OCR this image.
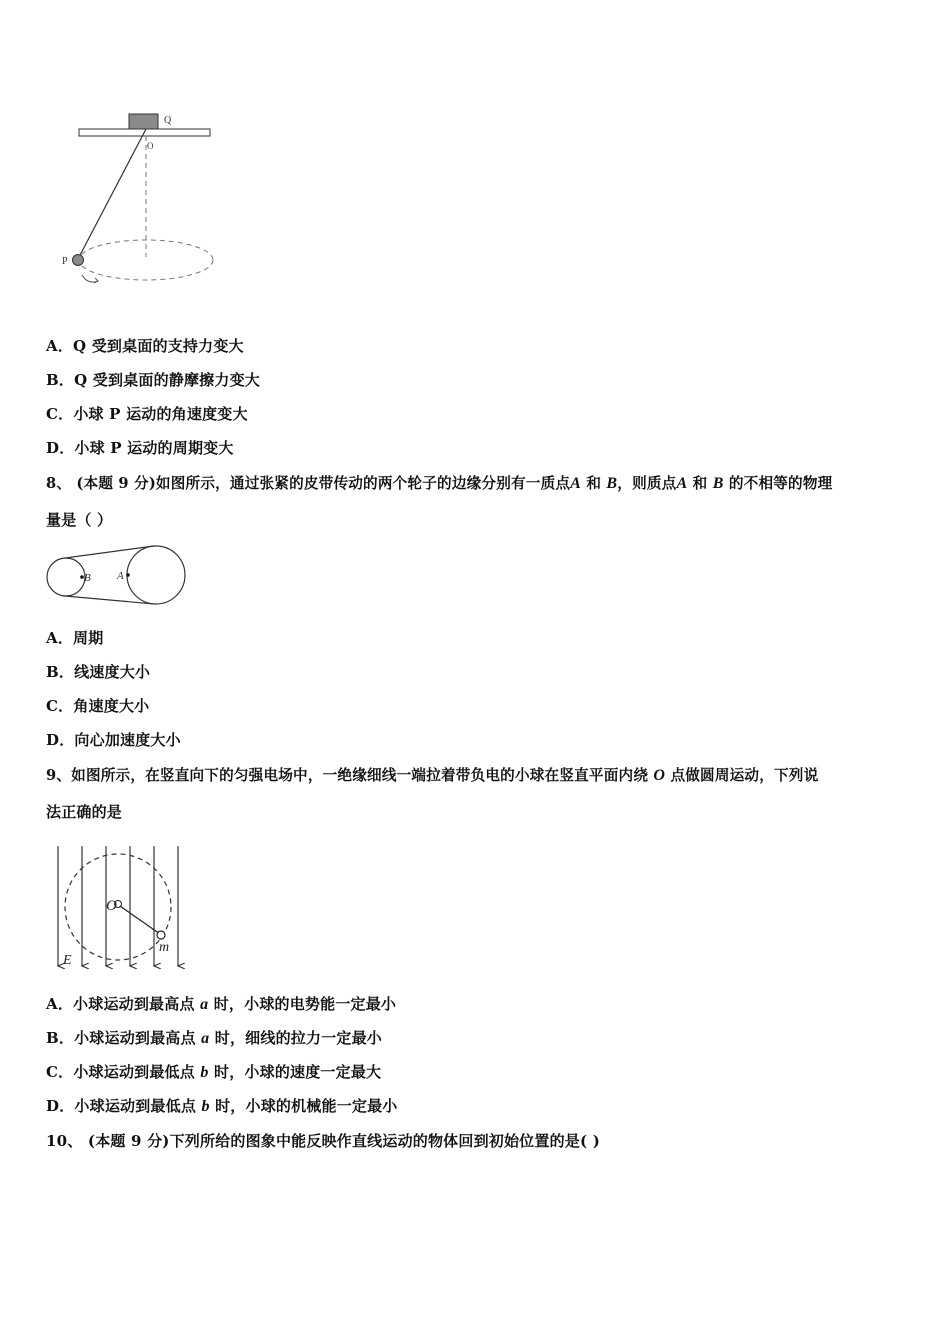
Q
O
P
A．Q 受到桌面的支持力变大
B．Q 受到桌面的静摩擦力变大
C．小球 P 运动的角速度变大
D．小球 P 运动的周期变大
8、 (本题 9 分)如图所示，通过张紧的皮带传动的两个轮子的边缘分别有一质点A 和 B，则质点A 和 B 的不相等的物理
量是（ ）
B A
A．周期
B．线速度大小
C．角速度大小
D．向心加速度大小
9、如图所示，在竖直向下的匀强电场中，一绝缘细线一端拉着带负电的小球在竖直平面内绕 O 点做圆周运动，下列说
法正确的是
O
m
E
A．小球运动到最高点 a 时，小球的电势能一定最小
B．小球运动到最高点 a 时，细线的拉力一定最小
C．小球运动到最低点 b 时，小球的速度一定最大
D．小球运动到最低点 b 时，小球的机械能一定最小
10、 (本题 9 分)下列所给的图象中能反映作直线运动的物体回到初始位置的是( )
